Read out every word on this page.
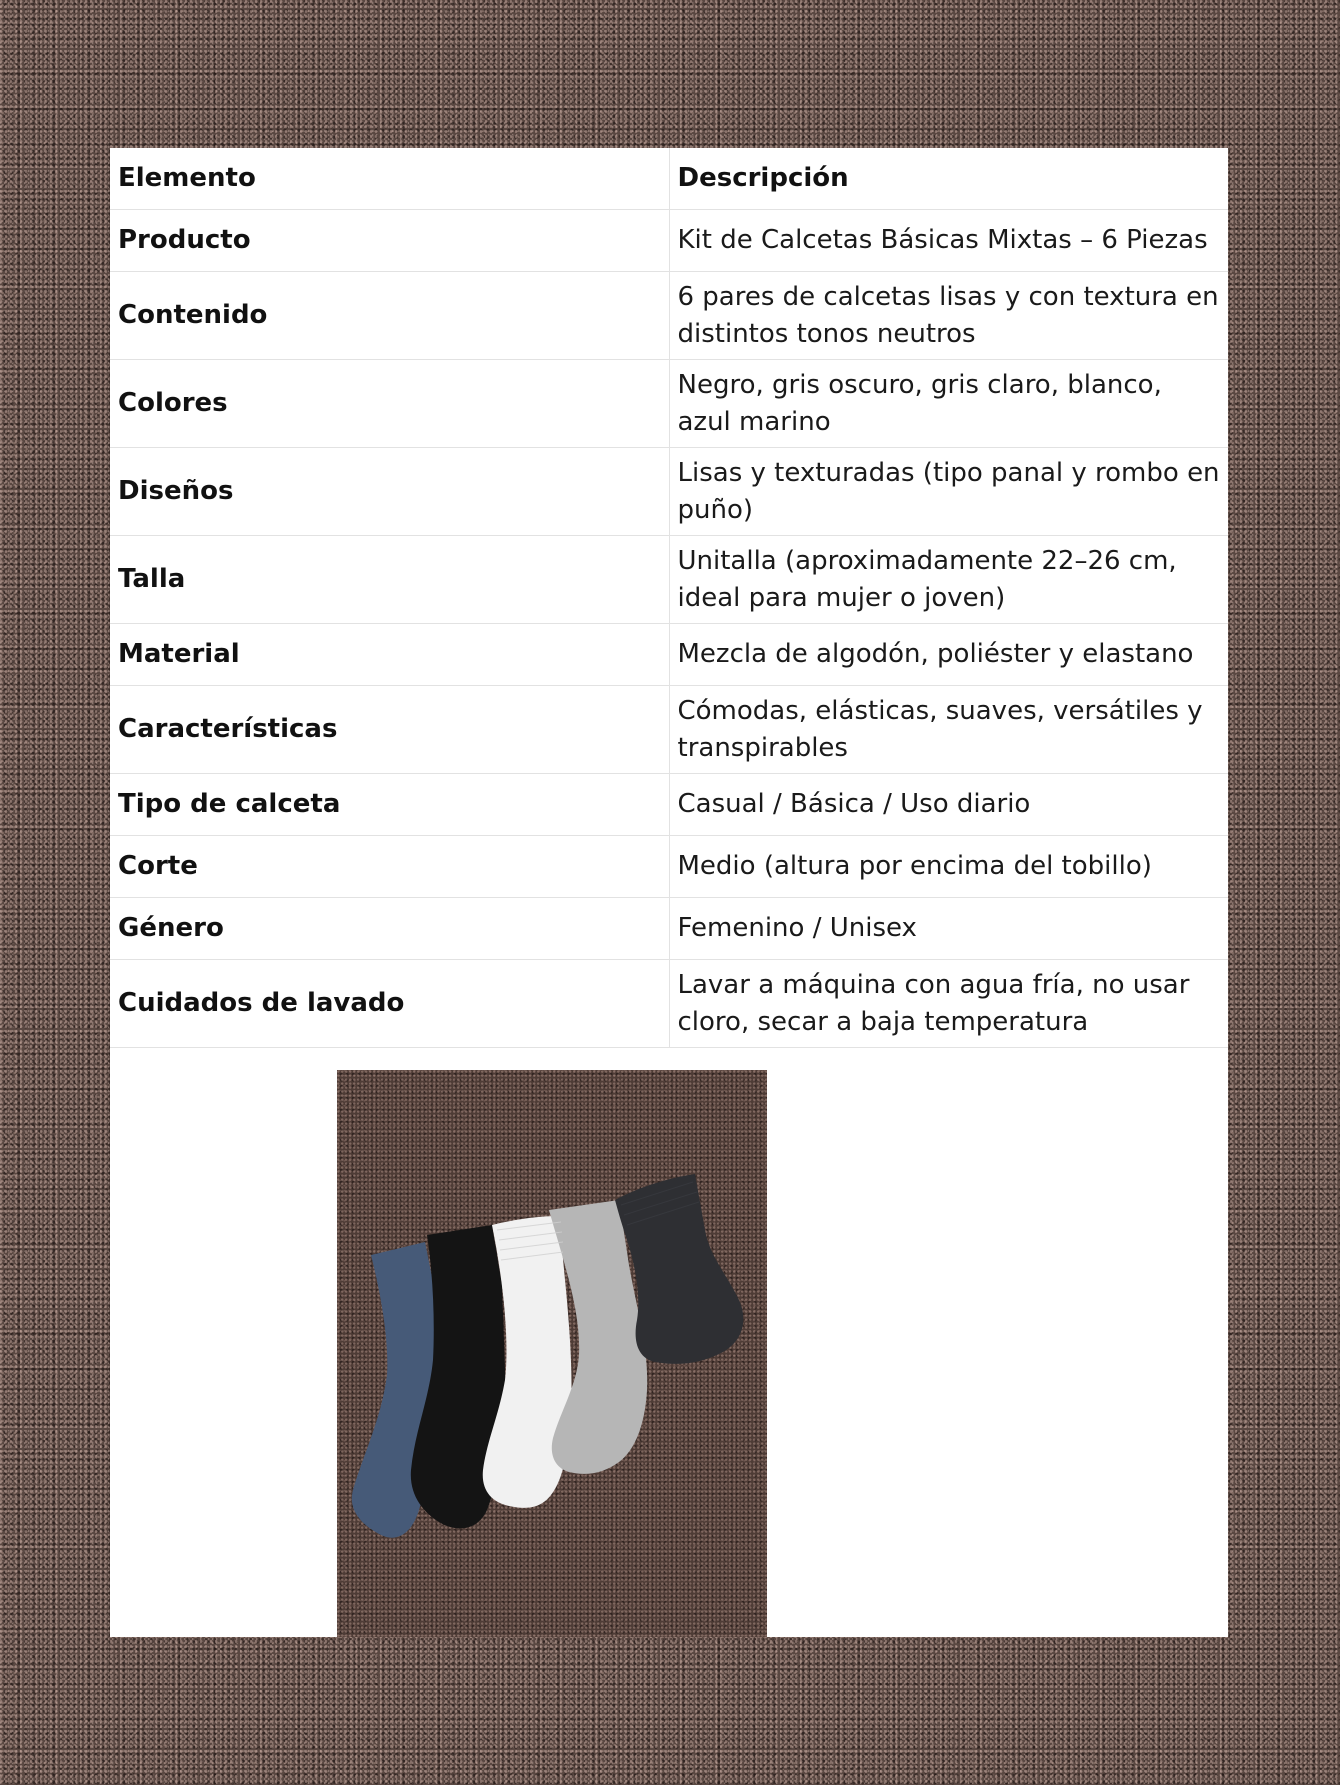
Elemento	Descripción
Producto	Kit de Calcetas Básicas Mixtas – 6 Piezas
Contenido	6 pares de calcetas lisas y con textura en distintos tonos neutros
Colores	Negro, gris oscuro, gris claro, blanco, azul marino
Diseños	Lisas y texturadas (tipo panal y rombo en puño)
Talla	Unitalla (aproximadamente 22–26 cm, ideal para mujer o joven)
Material	Mezcla de algodón, poliéster y elastano
Características	Cómodas, elásticas, suaves, versátiles y transpirables
Tipo de calceta	Casual / Básica / Uso diario
Corte	Medio (altura por encima del tobillo)
Género	Femenino / Unisex
Cuidados de lavado	Lavar a máquina con agua fría, no usar cloro, secar a baja temperatura
